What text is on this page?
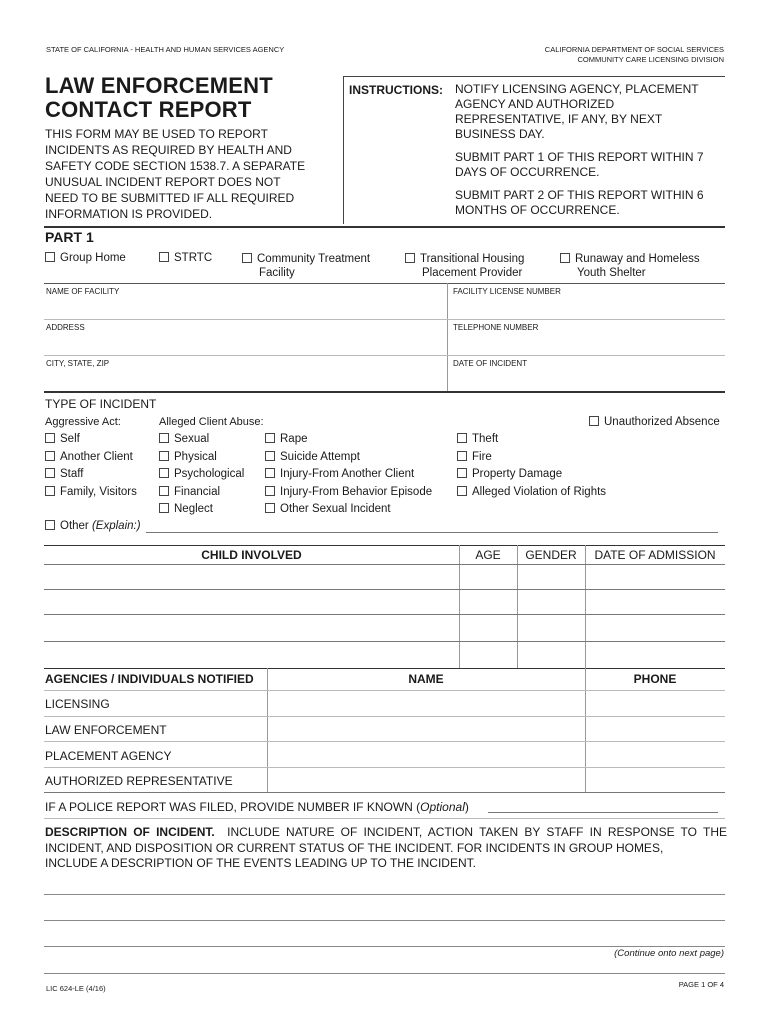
STATE OF CALIFORNIA - HEALTH AND HUMAN SERVICES AGENCY	CALIFORNIA DEPARTMENT OF SOCIAL SERVICES
COMMUNITY CARE LICENSING DIVISION
LAW ENFORCEMENT
CONTACT REPORT
THIS FORM MAY BE USED TO REPORT
INCIDENTS AS REQUIRED BY HEALTH AND
SAFETY CODE SECTION 1538.7. A SEPARATE
UNUSUAL INCIDENT REPORT DOES NOT
NEED TO BE SUBMITTED IF ALL REQUIRED
INFORMATION IS PROVIDED.
INSTRUCTIONS: NOTIFY LICENSING AGENCY, PLACEMENT
AGENCY AND AUTHORIZED
REPRESENTATIVE, IF ANY, BY NEXT
BUSINESS DAY.
SUBMIT PART 1 OF THIS REPORT WITHIN 7
DAYS OF OCCURRENCE.
SUBMIT PART 2 OF THIS REPORT WITHIN 6
MONTHS OF OCCURRENCE.
PART 1
Group Home	STRTC	Community Treatment
Facility
Transitional Housing
Placement Provider
Runaway and Homeless
Youth Shelter
NAME OF FACILITY	FACILITY LICENSE NUMBER
ADDRESS	TELEPHONE NUMBER
CITY, STATE, ZIP	DATE OF INCIDENT
TYPE OF INCIDENT
Aggressive Act:	Alleged Client Abuse:	Unauthorized Absence
Self
Another Client
Staff
Family, Visitors
Sexual
Physical
Psychological
Financial
Neglect
Rape
Suicide Attempt
Injury-From Another Client
Injury-From Behavior Episode
Other Sexual Incident
Theft
Fire
Property Damage
Alleged Violation of Rights
Other (Explain:)
CHILD INVOLVED	AGE	GENDER	DATE OF ADMISSION
AGENCIES / INDIVIDUALS NOTIFIED	NAME	PHONE
LICENSING
LAW ENFORCEMENT
PLACEMENT AGENCY
AUTHORIZED REPRESENTATIVE
IF A POLICE REPORT WAS FILED, PROVIDE NUMBER IF KNOWN (Optional)
DESCRIPTION OF INCIDENT. INCLUDE NATURE OF INCIDENT, ACTION TAKEN BY STAFF IN RESPONSE TO THE
INCIDENT, AND DISPOSITION OR CURRENT STATUS OF THE INCIDENT. FOR INCIDENTS IN GROUP HOMES,
INCLUDE A DESCRIPTION OF THE EVENTS LEADING UP TO THE INCIDENT.
(Continue onto next page)
LIC 624-LE (4/16)	PAGE 1 OF 4
